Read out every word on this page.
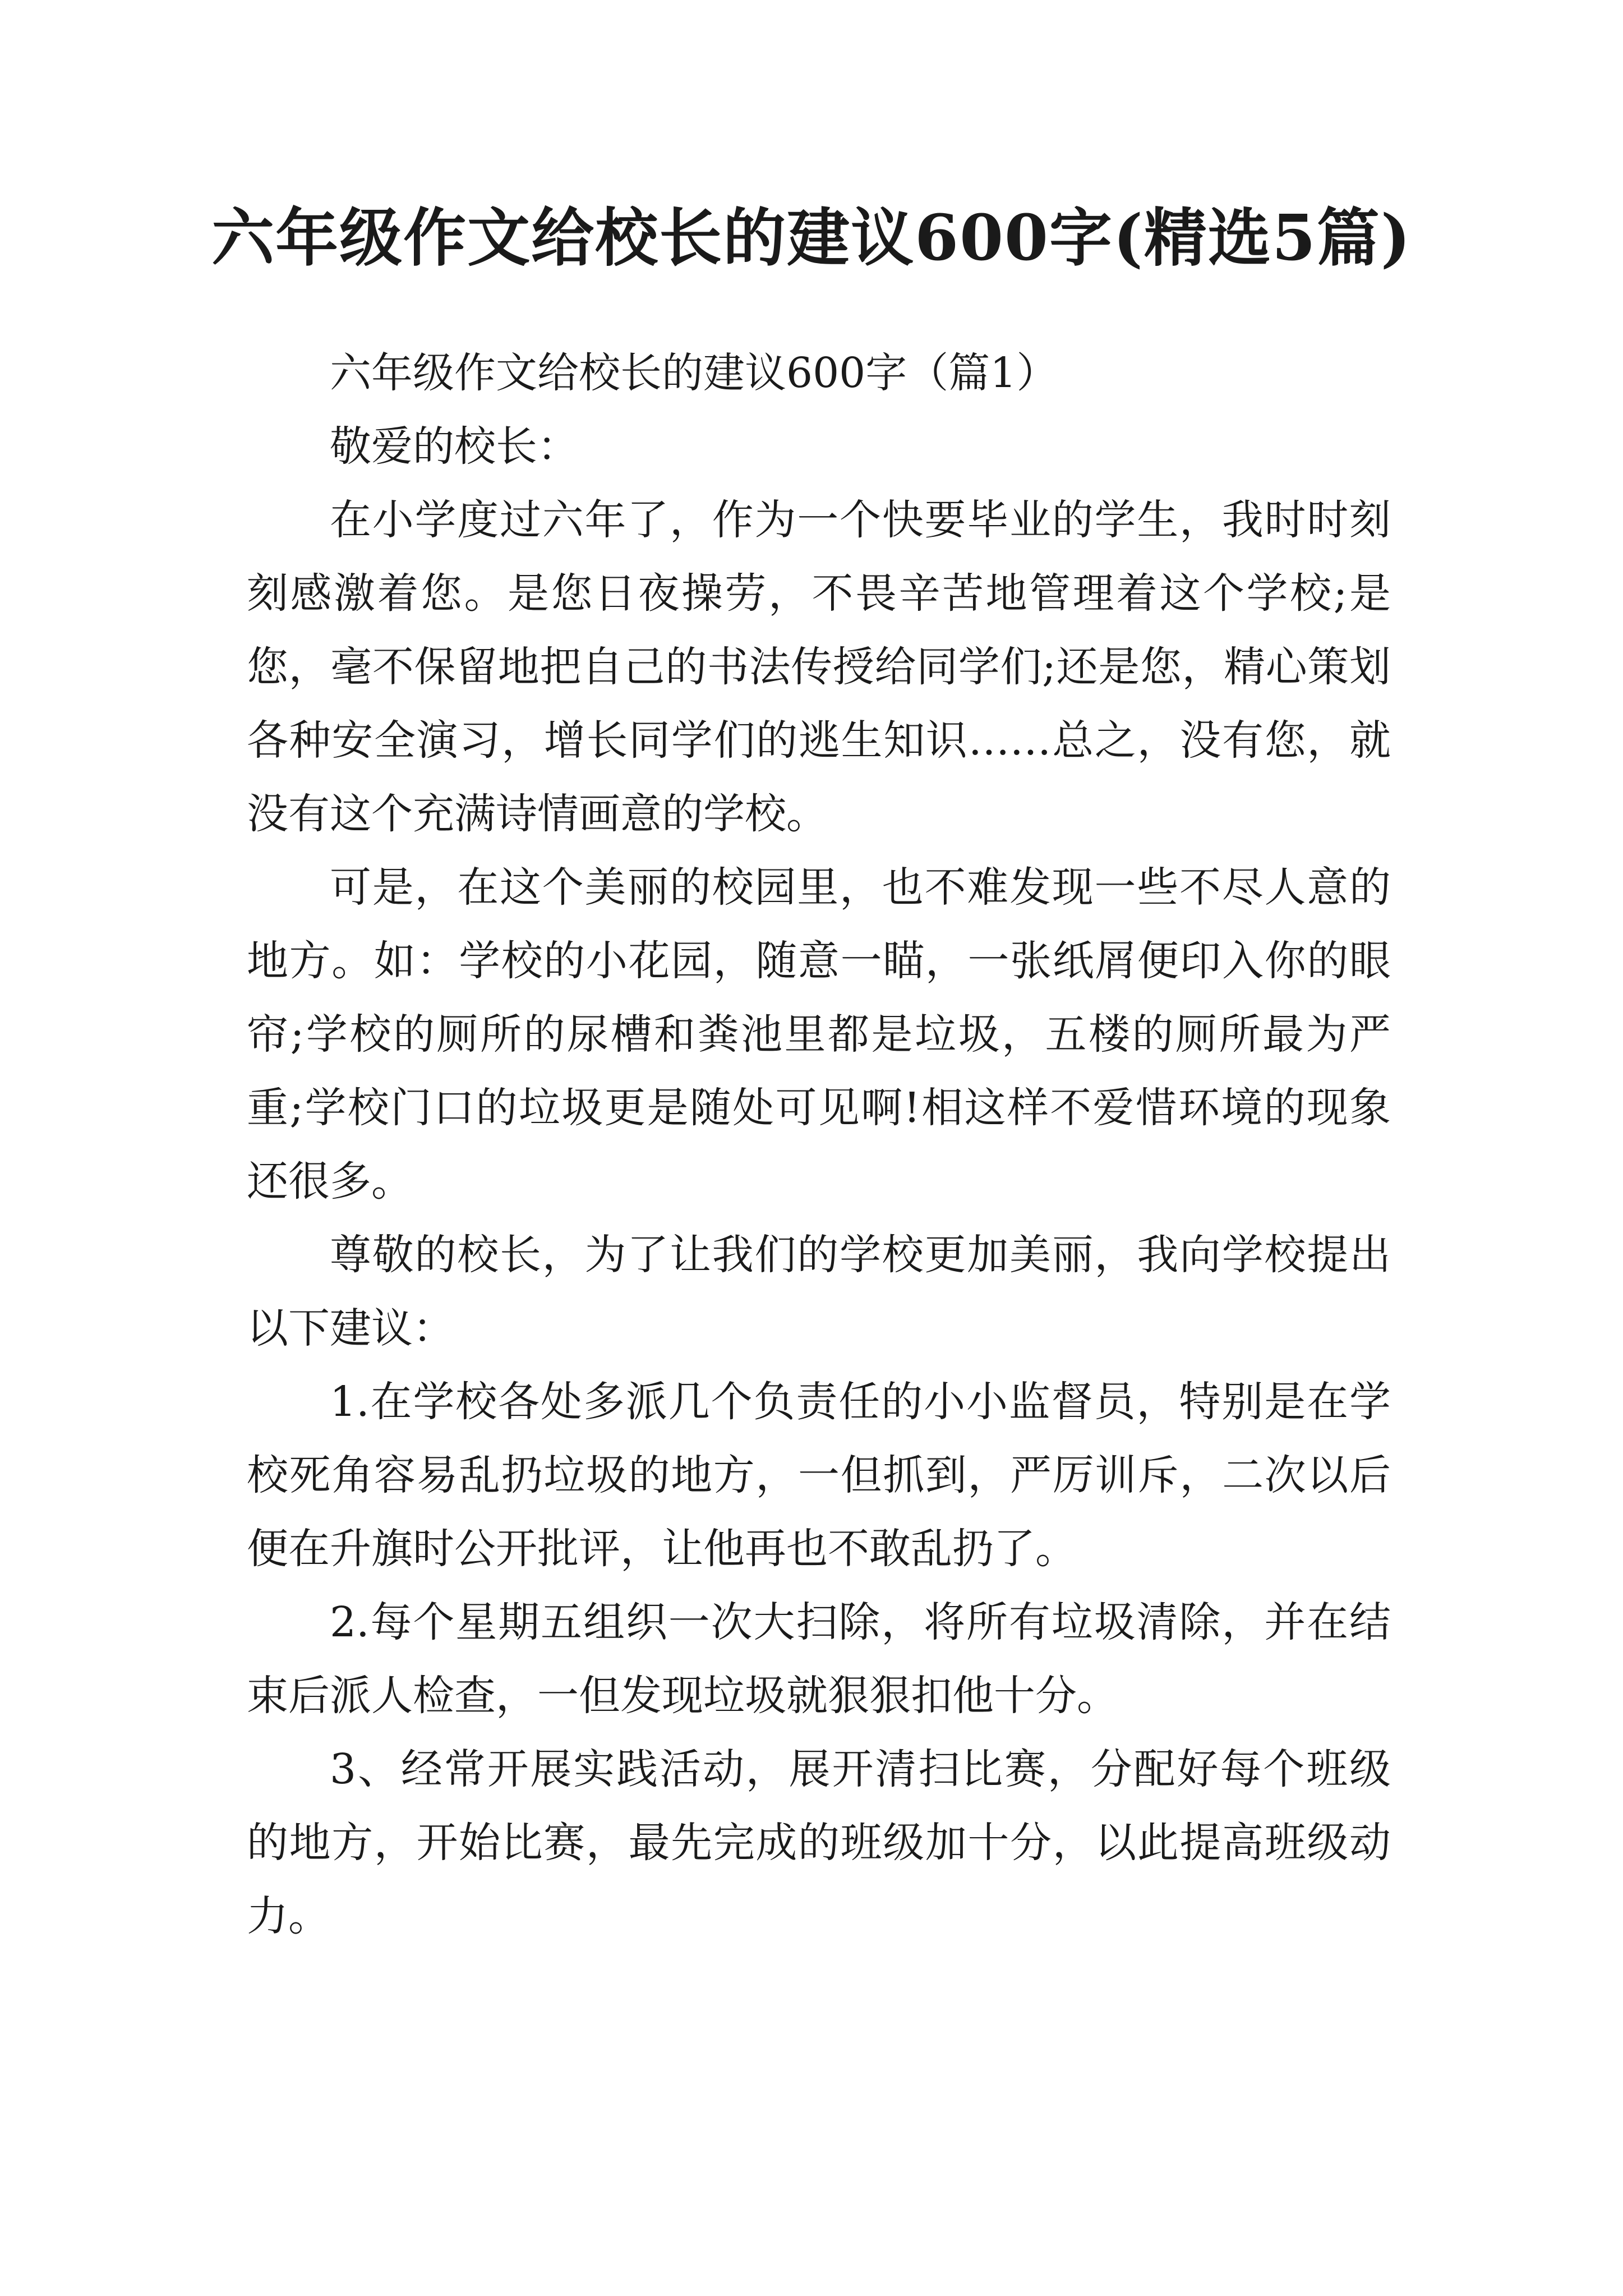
六年级作文给校长的建议600字(精选5篇)

六年级作文给校长的建议600字（篇1）

敬爱的校长：

在小学度过六年了，作为一个快要毕业的学生，我时时刻刻感激着您。是您日夜操劳，不畏辛苦地管理着这个学校;是您，毫不保留地把自己的书法传授给同学们;还是您，精心策划各种安全演习，增长同学们的逃生知识……总之，没有您，就没有这个充满诗情画意的学校。

可是，在这个美丽的校园里，也不难发现一些不尽人意的地方。如：学校的小花园，随意一瞄，一张纸屑便印入你的眼帘;学校的厕所的尿槽和粪池里都是垃圾，五楼的厕所最为严重;学校门口的垃圾更是随处可见啊!相这样不爱惜环境的现象还很多。

尊敬的校长，为了让我们的学校更加美丽，我向学校提出以下建议：

1.在学校各处多派几个负责任的小小监督员，特别是在学校死角容易乱扔垃圾的地方，一但抓到，严厉训斥，二次以后便在升旗时公开批评，让他再也不敢乱扔了。

2.每个星期五组织一次大扫除，将所有垃圾清除，并在结束后派人检查，一但发现垃圾就狠狠扣他十分。

3、经常开展实践活动，展开清扫比赛，分配好每个班级的地方，开始比赛，最先完成的班级加十分，以此提高班级动力。
